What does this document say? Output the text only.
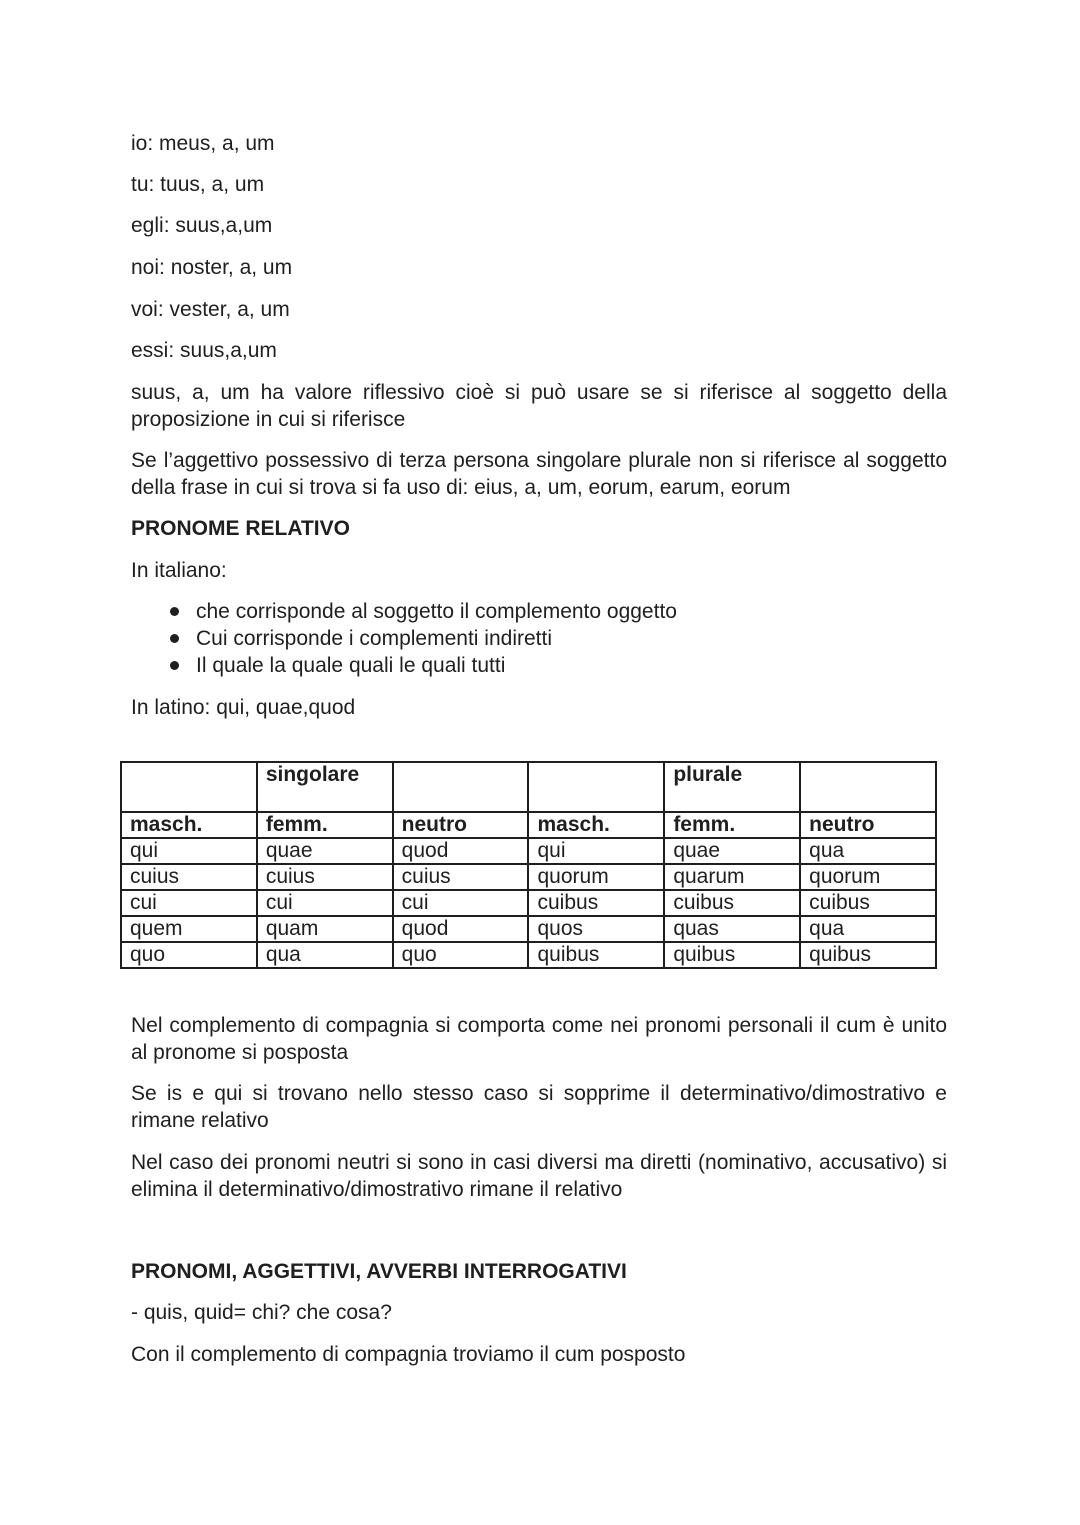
io: meus, a, um
tu: tuus, a, um
egli: suus,a,um
noi: noster, a, um
voi: vester, a, um
essi: suus,a,um
suus, a, um ha valore riflessivo cioè si può usare se si riferisce al soggetto della proposizione in cui si riferisce
Se l’aggettivo possessivo di terza persona singolare plurale non si riferisce al soggetto della frase in cui si trova si fa uso di: eius, a, um, eorum, earum, eorum
PRONOME RELATIVO
In italiano:
che corrisponde al soggetto il complemento oggetto
Cui corrisponde i complementi indiretti
Il quale la quale quali le quali tutti
In latino: qui, quae,quod
	singolare			plurale	
masch.	femm.	neutro	masch.	femm.	neutro
qui	quae	quod	qui	quae	qua
cuius	cuius	cuius	quorum	quarum	quorum
cui	cui	cui	cuibus	cuibus	cuibus
quem	quam	quod	quos	quas	qua
quo	qua	quo	quibus	quibus	quibus
Nel complemento di compagnia si comporta come nei pronomi personali il cum è unito al pronome si posposta
Se is e qui si trovano nello stesso caso si sopprime il determinativo/dimostrativo e rimane relativo
Nel caso dei pronomi neutri si sono in casi diversi ma diretti (nominativo, accusativo) si elimina il determinativo/dimostrativo rimane il relativo
PRONOMI, AGGETTIVI, AVVERBI INTERROGATIVI
- quis, quid= chi? che cosa?
Con il complemento di compagnia troviamo il cum posposto
